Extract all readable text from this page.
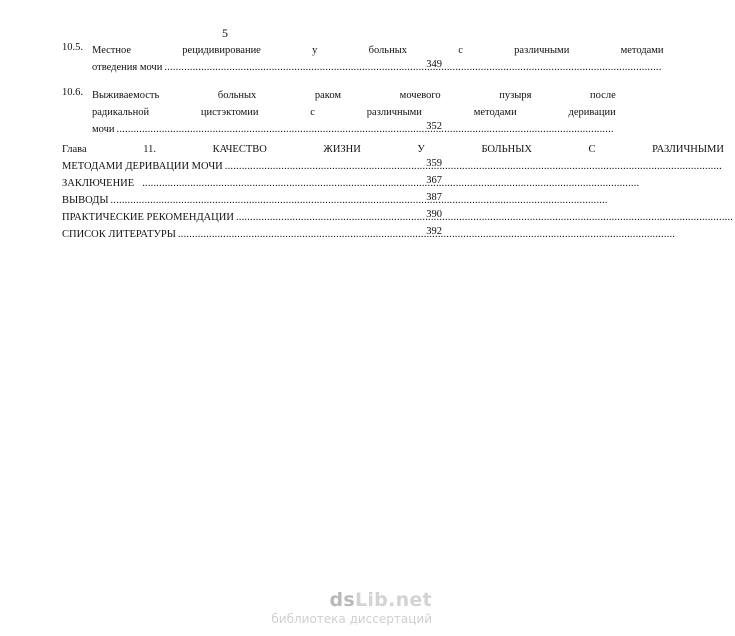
5
10.5. Местное рецидивирование у больных с различными методами
отведения мочи .....	349
10.6. Выживаемость больных раком мочевого пузыря после
радикальной цистэктомии с различными методами деривации
мочи .....	352
Глава 11. КАЧЕСТВО ЖИЗНИ У БОЛЬНЫХ С РАЗЛИЧНЫМИ
МЕТОДАМИ ДЕРИВАЦИИ МОЧИ .....	359
ЗАКЛЮЧЕНИЕ .....	367
ВЫВОДЫ .....	387
ПРАКТИЧЕСКИЕ РЕКОМЕНДАЦИИ .....	390
СПИСОК ЛИТЕРАТУРЫ .....	392
dsLib.net
библиотека диссертаций
